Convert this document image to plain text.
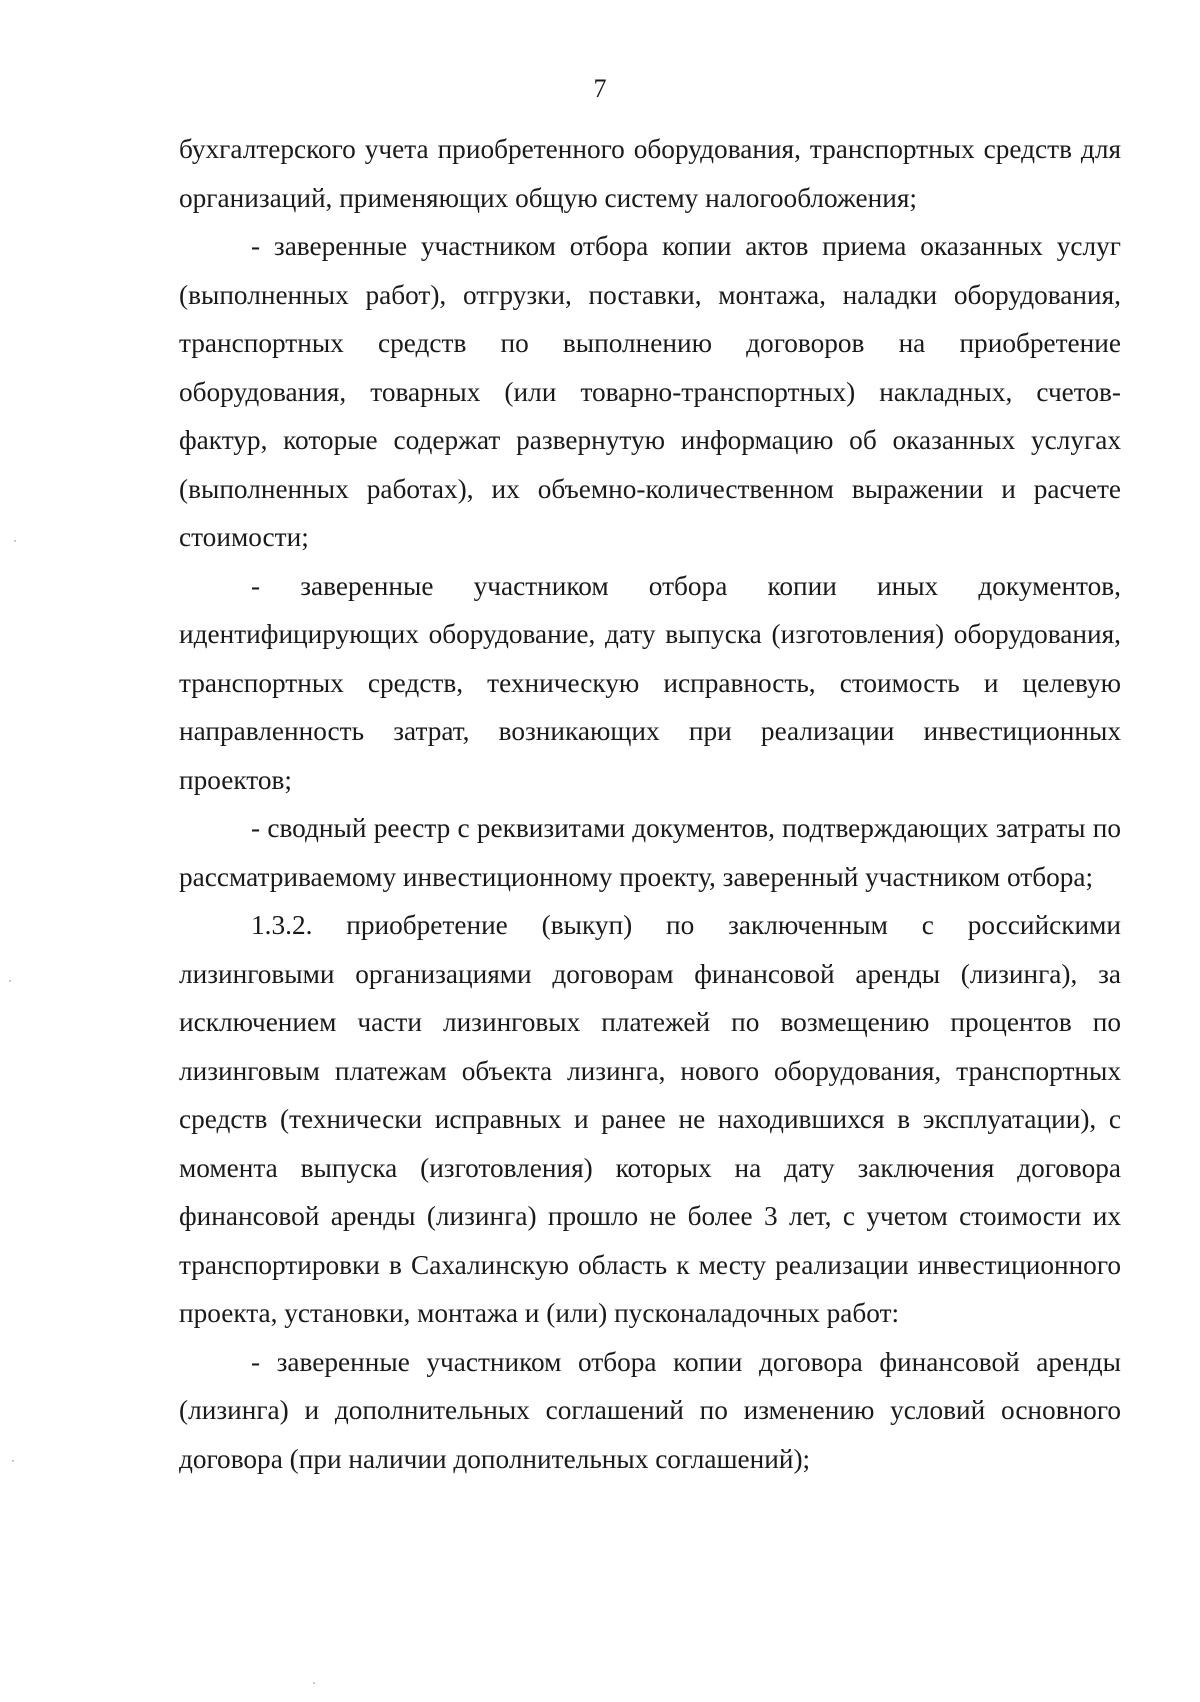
7

бухгалтерского учета приобретенного оборудования, транспортных средств для организаций, применяющих общую систему налогообложения;

- заверенные участником отбора копии актов приема оказанных услуг (выполненных работ), отгрузки, поставки, монтажа, наладки оборудования, транспортных средств по выполнению договоров на приобретение оборудования, товарных (или товарно-транспортных) накладных, счетов-фактур, которые содержат развернутую информацию об оказанных услугах (выполненных работах), их объемно-количественном выражении и расчете стоимости;

- заверенные участником отбора копии иных документов, идентифицирующих оборудование, дату выпуска (изготовления) оборудования, транспортных средств, техническую исправность, стоимость и целевую направленность затрат, возникающих при реализации инвестиционных проектов;

- сводный реестр с реквизитами документов, подтверждающих затраты по рассматриваемому инвестиционному проекту, заверенный участником отбора;

1.3.2. приобретение (выкуп) по заключенным с российскими лизинговыми организациями договорам финансовой аренды (лизинга), за исключением части лизинговых платежей по возмещению процентов по лизинговым платежам объекта лизинга, нового оборудования, транспортных средств (технически исправных и ранее не находившихся в эксплуатации), с момента выпуска (изготовления) которых на дату заключения договора финансовой аренды (лизинга) прошло не более 3 лет, с учетом стоимости их транспортировки в Сахалинскую область к месту реализации инвестиционного проекта, установки, монтажа и (или) пусконаладочных работ:

- заверенные участником отбора копии договора финансовой аренды (лизинга) и дополнительных соглашений по изменению условий основного договора (при наличии дополнительных соглашений);
